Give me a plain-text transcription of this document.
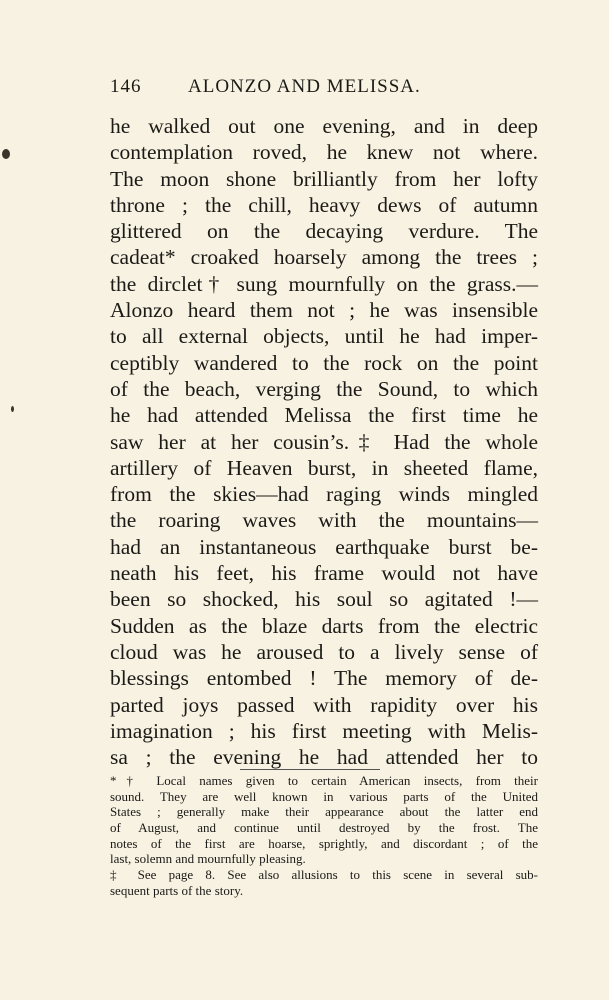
146 ALONZO AND MELISSA.
he walked out one evening, and in deep
contemplation roved, he knew not where.
The moon shone brilliantly from her lofty
throne ; the chill, heavy dews of autumn
glittered on the decaying verdure. The
cadeat* croaked hoarsely among the trees ;
the dirclet† sung mournfully on the grass.—
Alonzo heard them not ; he was insensible
to all external objects, until he had imper-
ceptibly wandered to the rock on the point
of the beach, verging the Sound, to which
he had attended Melissa the first time he
saw her at her cousin’s.‡ Had the whole
artillery of Heaven burst, in sheeted flame,
from the skies—had raging winds mingled
the roaring waves with the mountains—
had an instantaneous earthquake burst be-
neath his feet, his frame would not have
been so shocked, his soul so agitated !—
Sudden as the blaze darts from the electric
cloud was he aroused to a lively sense of
blessings entombed ! The memory of de-
parted joys passed with rapidity over his
imagination ; his first meeting with Melis-
sa ; the evening he had attended her to
*† Local names given to certain American insects, from their
sound. They are well known in various parts of the United
States ; generally make their appearance about the latter end
of August, and continue until destroyed by the frost. The
notes of the first are hoarse, sprightly, and discordant ; of the
last, solemn and mournfully pleasing.
‡ See page 8. See also allusions to this scene in several sub-
sequent parts of the story.
